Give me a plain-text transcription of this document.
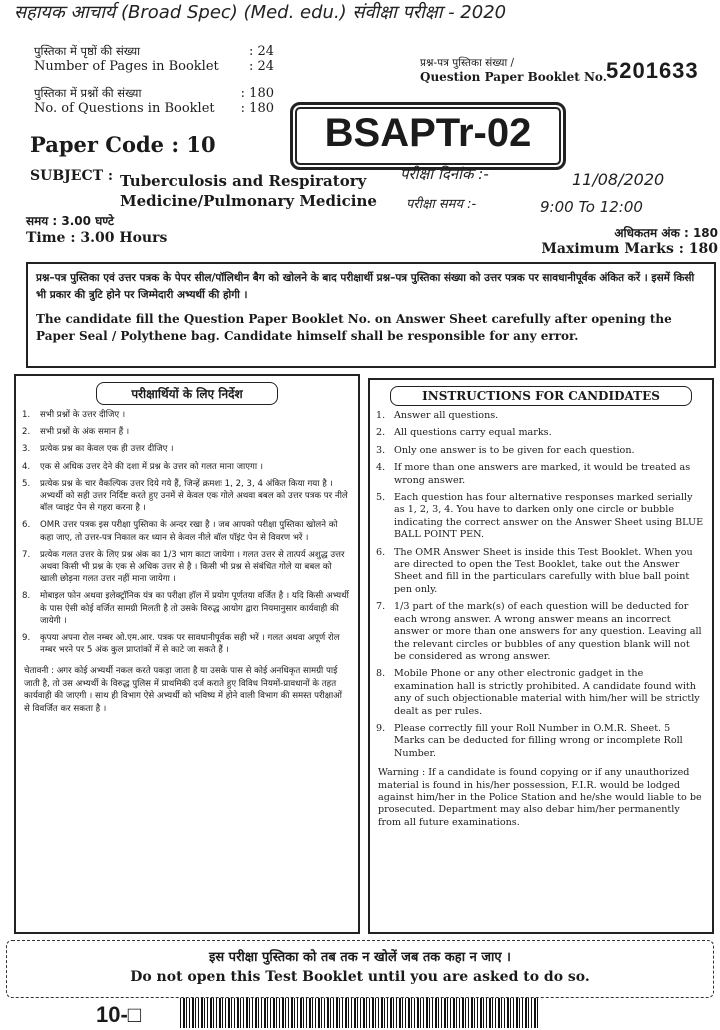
सहायक आचार्य (Broad Spec) (Med. edu.) संवीक्षा परीक्षा - 2020
पुस्तिका में पृष्ठों की संख्या	: 24
Number of Pages in Booklet : 24
पुस्तिका में प्रश्नों की संख्या	: 180
No. of Questions in Booklet : 180
प्रश्न-पत्र पुस्तिका संख्या /
Question Paper Booklet No. 5201633
Paper Code : 10	BSAPTr-02
SUBJECT : Tuberculosis and Respiratory
Medicine/Pulmonary Medicine
परीक्षा दिनांक :-	11/08/2020
परीक्षा समय :-	9:00 To 12:00
समय : 3.00 घण्टे
Time : 3.00 Hours	अधिकतम अंक : 180
Maximum Marks : 180
प्रश्न–पत्र पुस्तिका एवं उत्तर पत्रक के पेपर सील/पॉलिथीन बैग को खोलने के बाद परीक्षार्थी प्रश्न–पत्र पुस्तिका संख्या को उत्तर पत्रक पर सावधानीपूर्वक अंकित करें । इसमें किसी भी प्रकार की त्रुटि होने पर जिम्मेदारी अभ्यर्थी की होगी ।
The candidate fill the Question Paper Booklet No. on Answer Sheet carefully after opening the Paper Seal / Polythene bag. Candidate himself shall be responsible for any error.
परीक्षार्थियों के लिए निर्देश
1.	सभी प्रश्नों के उत्तर दीजिए ।
2.	सभी प्रश्नों के अंक समान हैं ।
3.	प्रत्येक प्रश्न का केवल एक ही उत्तर दीजिए ।
4.	एक से अधिक उत्तर देने की दशा में प्रश्न के उत्तर को गलत माना जाएगा ।
5.	प्रत्येक प्रश्न के चार वैकल्पिक उत्तर दिये गये हैं, जिन्हें क्रमशः 1, 2, 3, 4 अंकित किया गया है । अभ्यर्थी को सही उत्तर निर्दिष्ट करते हुए उनमें से केवल एक गोले अथवा बबल को उत्तर पत्रक पर नीले बॉल प्वाइंट पेन से गहरा करना है ।
6.	OMR उत्तर पत्रक इस परीक्षा पुस्तिका के अन्दर रखा है । जब आपको परीक्षा पुस्तिका खोलने को कहा जाए, तो उत्तर-पत्र निकाल कर ध्यान से केवल नीले बॉल पॉइंट पेन से विवरण भरें ।
7.	प्रत्येक गलत उत्तर के लिए प्रश्न अंक का 1/3 भाग काटा जायेगा । गलत उत्तर से तात्पर्य अशुद्ध उत्तर अथवा किसी भी प्रश्न के एक से अधिक उत्तर से है । किसी भी प्रश्न से संबंधित गोले या बबल को खाली छोड़ना गलत उत्तर नहीं माना जायेगा ।
8.	मोबाइल फोन अथवा इलेक्ट्रॉनिक यंत्र का परीक्षा हॉल में प्रयोग पूर्णतया वर्जित है । यदि किसी अभ्यर्थी के पास ऐसी कोई वर्जित सामग्री मिलती है तो उसके विरुद्ध आयोग द्वारा नियमानुसार कार्यवाही की जायेगी ।
9.	कृपया अपना रोल नम्बर ओ.एम.आर. पत्रक पर सावधानीपूर्वक सही भरें । गलत अथवा अपूर्ण रोल नम्बर भरने पर 5 अंक कुल प्राप्तांकों में से काटे जा सकते हैं ।
चेतावनी : अगर कोई अभ्यर्थी नकल करते पकड़ा जाता है या उसके पास से कोई अनधिकृत सामग्री पाई जाती है, तो उस अभ्यर्थी के विरुद्ध पुलिस में प्राथमिकी दर्ज कराते हुए विविध नियमों-प्रावधानों के तहत कार्यवाही की जाएगी । साथ ही विभाग ऐसे अभ्यर्थी को भविष्य में होने वाली विभाग की समस्त परीक्षाओं से विवर्जित कर सकता है ।
INSTRUCTIONS FOR CANDIDATES
1. Answer all questions.
2. All questions carry equal marks.
3. Only one answer is to be given for each question.
4. If more than one answers are marked, it would be treated as wrong answer.
5. Each question has four alternative responses marked serially as 1, 2, 3, 4. You have to darken only one circle or bubble indicating the correct answer on the Answer Sheet using BLUE BALL POINT PEN.
6. The OMR Answer Sheet is inside this Test Booklet. When you are directed to open the Test Booklet, take out the Answer Sheet and fill in the particulars carefully with blue ball point pen only.
7. 1/3 part of the mark(s) of each question will be deducted for each wrong answer. A wrong answer means an incorrect answer or more than one answers for any question. Leaving all the relevant circles or bubbles of any question blank will not be considered as wrong answer.
8. Mobile Phone or any other electronic gadget in the examination hall is strictly prohibited. A candidate found with any of such objectionable material with him/her will be strictly dealt as per rules.
9. Please correctly fill your Roll Number in O.M.R. Sheet. 5 Marks can be deducted for filling wrong or incomplete Roll Number.
Warning : If a candidate is found copying or if any unauthorized material is found in his/her possession, F.I.R. would be lodged against him/her in the Police Station and he/she would liable to be prosecuted. Department may also debar him/her permanently from all future examinations.
इस परीक्षा पुस्तिका को तब तक न खोलें जब तक कहा न जाए ।
Do not open this Test Booklet until you are asked to do so.
10-□
